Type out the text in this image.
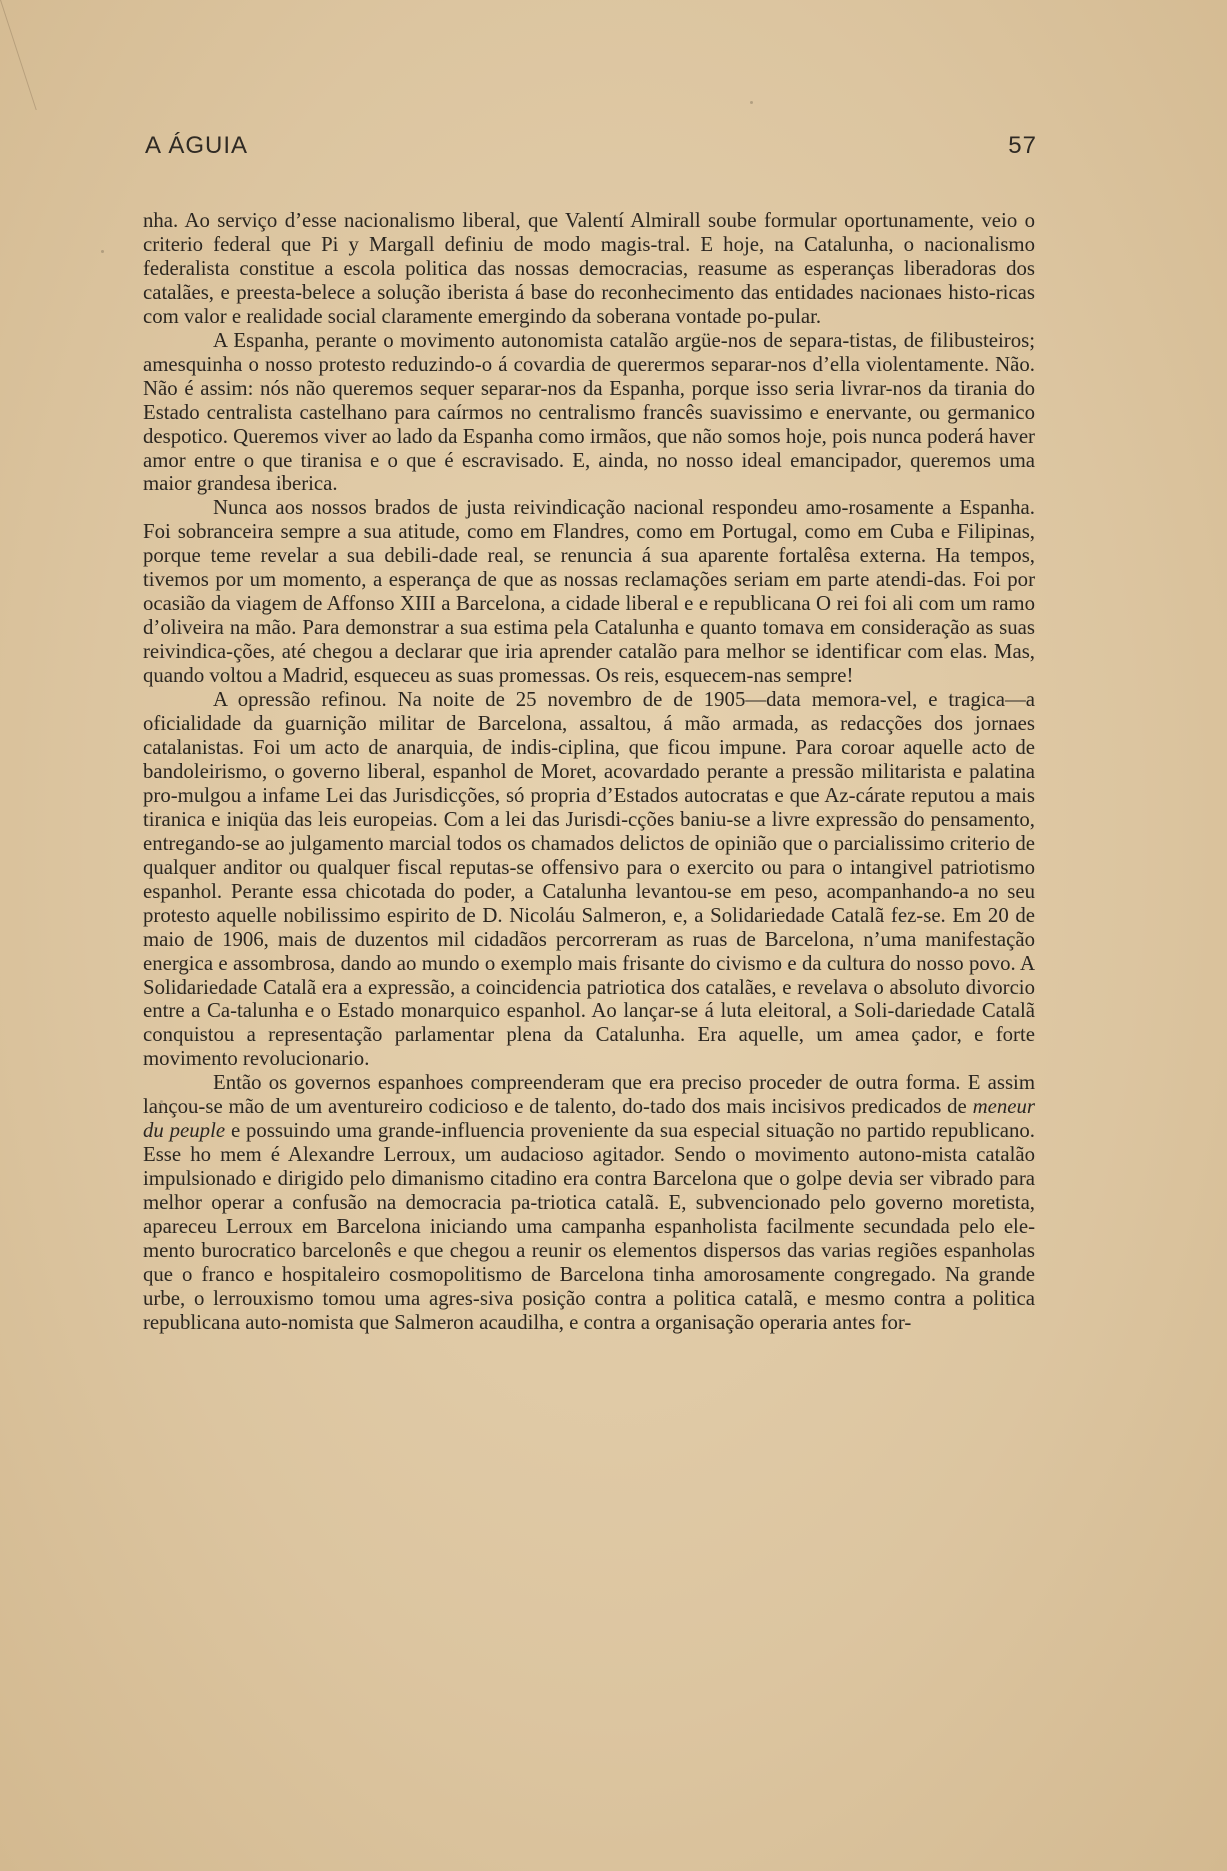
A ÁGUIA	57

nha. Ao serviço d’esse nacionalismo liberal, que Valentí Almirall soube formular oportunamente, veio o criterio federal que Pi y Margall definiu de modo magis-tral. E hoje, na Catalunha, o nacionalismo federalista constitue a escola politica das nossas democracias, reasume as esperanças liberadoras dos catalães, e preesta-belece a solução iberista á base do reconhecimento das entidades nacionaes histo-ricas com valor e realidade social claramente emergindo da soberana vontade po-pular.

A Espanha, perante o movimento autonomista catalão argüe-nos de separa-tistas, de filibusteiros; amesquinha o nosso protesto reduzindo-o á covardia de querermos separar-nos d’ella violentamente. Não. Não é assim: nós não queremos sequer separar-nos da Espanha, porque isso seria livrar-nos da tirania do Estado centralista castelhano para caírmos no centralismo francês suavissimo e enervante, ou germanico despotico. Queremos viver ao lado da Espanha como irmãos, que não somos hoje, pois nunca poderá haver amor entre o que tiranisa e o que é escravisado. E, ainda, no nosso ideal emancipador, queremos uma maior grandesa iberica.

Nunca aos nossos brados de justa reivindicação nacional respondeu amo-rosamente a Espanha. Foi sobranceira sempre a sua atitude, como em Flandres, como em Portugal, como em Cuba e Filipinas, porque teme revelar a sua debili-dade real, se renuncia á sua aparente fortalêsa externa. Ha tempos, tivemos por um momento, a esperança de que as nossas reclamações seriam em parte atendi-das. Foi por ocasião da viagem de Affonso XIII a Barcelona, a cidade liberal e e republicana O rei foi ali com um ramo d’oliveira na mão. Para demonstrar a sua estima pela Catalunha e quanto tomava em consideração as suas reivindica-ções, até chegou a declarar que iria aprender catalão para melhor se identificar com elas. Mas, quando voltou a Madrid, esqueceu as suas promessas. Os reis, esquecem-nas sempre!

A opressão refinou. Na noite de 25 novembro de de 1905—data memora-vel, e tragica—a oficialidade da guarnição militar de Barcelona, assaltou, á mão armada, as redacções dos jornaes catalanistas. Foi um acto de anarquia, de indis-ciplina, que ficou impune. Para coroar aquelle acto de bandoleirismo, o governo liberal, espanhol de Moret, acovardado perante a pressão militarista e palatina pro-mulgou a infame Lei das Jurisdicções, só propria d’Estados autocratas e que Az-cárate reputou a mais tiranica e iniqüa das leis europeias. Com a lei das Jurisdi-cções baniu-se a livre expressão do pensamento, entregando-se ao julgamento marcial todos os chamados delictos de opinião que o parcialissimo criterio de qualquer anditor ou qualquer fiscal reputas-se offensivo para o exercito ou para o intangivel patriotismo espanhol. Perante essa chicotada do poder, a Catalunha levantou-se em peso, acompanhando-a no seu protesto aquelle nobilissimo espirito de D. Nicoláu Salmeron, e, a Solidariedade Catalã fez-se. Em 20 de maio de 1906, mais de duzentos mil cidadãos percorreram as ruas de Barcelona, n’uma manifestação energica e assombrosa, dando ao mundo o exemplo mais frisante do civismo e da cultura do nosso povo. A Solidariedade Catalã era a expressão, a coincidencia patriotica dos catalães, e revelava o absoluto divorcio entre a Ca-talunha e o Estado monarquico espanhol. Ao lançar-se á luta eleitoral, a Soli-dariedade Catalã conquistou a representação parlamentar plena da Catalunha. Era aquelle, um amea çador, e forte movimento revolucionario.

Então os governos espanhoes compreenderam que era preciso proceder de outra forma. E assim lançou-se mão de um aventureiro codicioso e de talento, do-tado dos mais incisivos predicados de meneur du peuple e possuindo uma grande-influencia proveniente da sua especial situação no partido republicano. Esse ho mem é Alexandre Lerroux, um audacioso agitador. Sendo o movimento autono-mista catalão impulsionado e dirigido pelo dimanismo citadino era contra Barcelona que o golpe devia ser vibrado para melhor operar a confusão na democracia pa-triotica catalã. E, subvencionado pelo governo moretista, apareceu Lerroux em Barcelona iniciando uma campanha espanholista facilmente secundada pelo ele-mento burocratico barcelonês e que chegou a reunir os elementos dispersos das varias regiões espanholas que o franco e hospitaleiro cosmopolitismo de Barcelona tinha amorosamente congregado. Na grande urbe, o lerrouxismo tomou uma agres-siva posição contra a politica catalã, e mesmo contra a politica republicana auto-nomista que Salmeron acaudilha, e contra a organisação operaria antes for-
